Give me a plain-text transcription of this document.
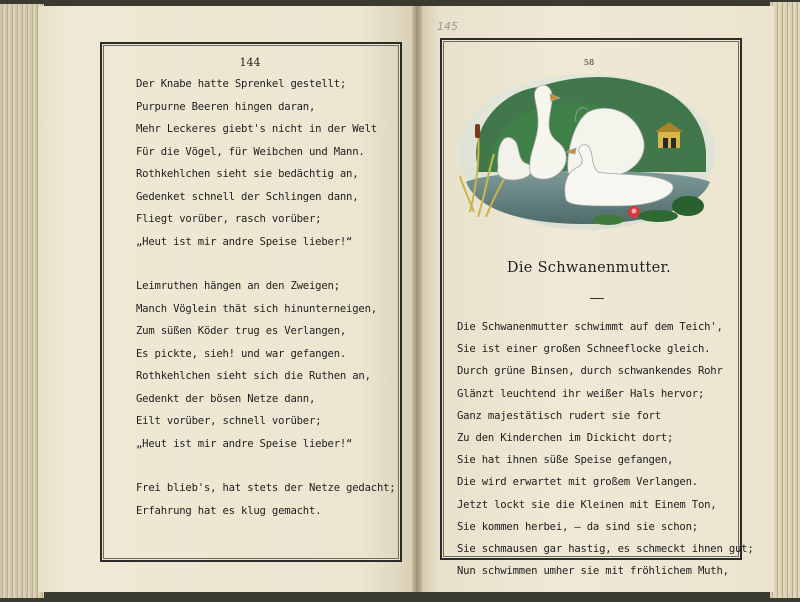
144
145
58
Der Knabe hatte Sprenkel gestellt;
Purpurne Beeren hingen daran,
Mehr Leckeres giebt's nicht in der Welt
Für die Vögel, für Weibchen und Mann.
Rothkehlchen sieht sie bedächtig an,
Gedenket schnell der Schlingen dann,
Fliegt vorüber, rasch vorüber;
„Heut ist mir andre Speise lieber!“
Leimruthen hängen an den Zweigen;
Manch Vöglein thät sich hinunterneigen,
Zum süßen Köder trug es Verlangen,
Es pickte, sieh! und war gefangen.
Rothkehlchen sieht sich die Ruthen an,
Gedenkt der bösen Netze dann,
Eilt vorüber, schnell vorüber;
„Heut ist mir andre Speise lieber!“
Frei blieb's, hat stets der Netze gedacht;
Erfahrung hat es klug gemacht.
Die Schwanenmutter.
Die Schwanenmutter schwimmt auf dem Teich',
Sie ist einer großen Schneeflocke gleich.
Durch grüne Binsen, durch schwankendes Rohr
Glänzt leuchtend ihr weißer Hals hervor;
Ganz majestätisch rudert sie fort
Zu den Kinderchen im Dickicht dort;
Sie hat ihnen süße Speise gefangen,
Die wird erwartet mit großem Verlangen.
Jetzt lockt sie die Kleinen mit Einem Ton,
Sie kommen herbei, — da sind sie schon;
Sie schmausen gar hastig, es schmeckt ihnen gut;
Nun schwimmen umher sie mit fröhlichem Muth,
